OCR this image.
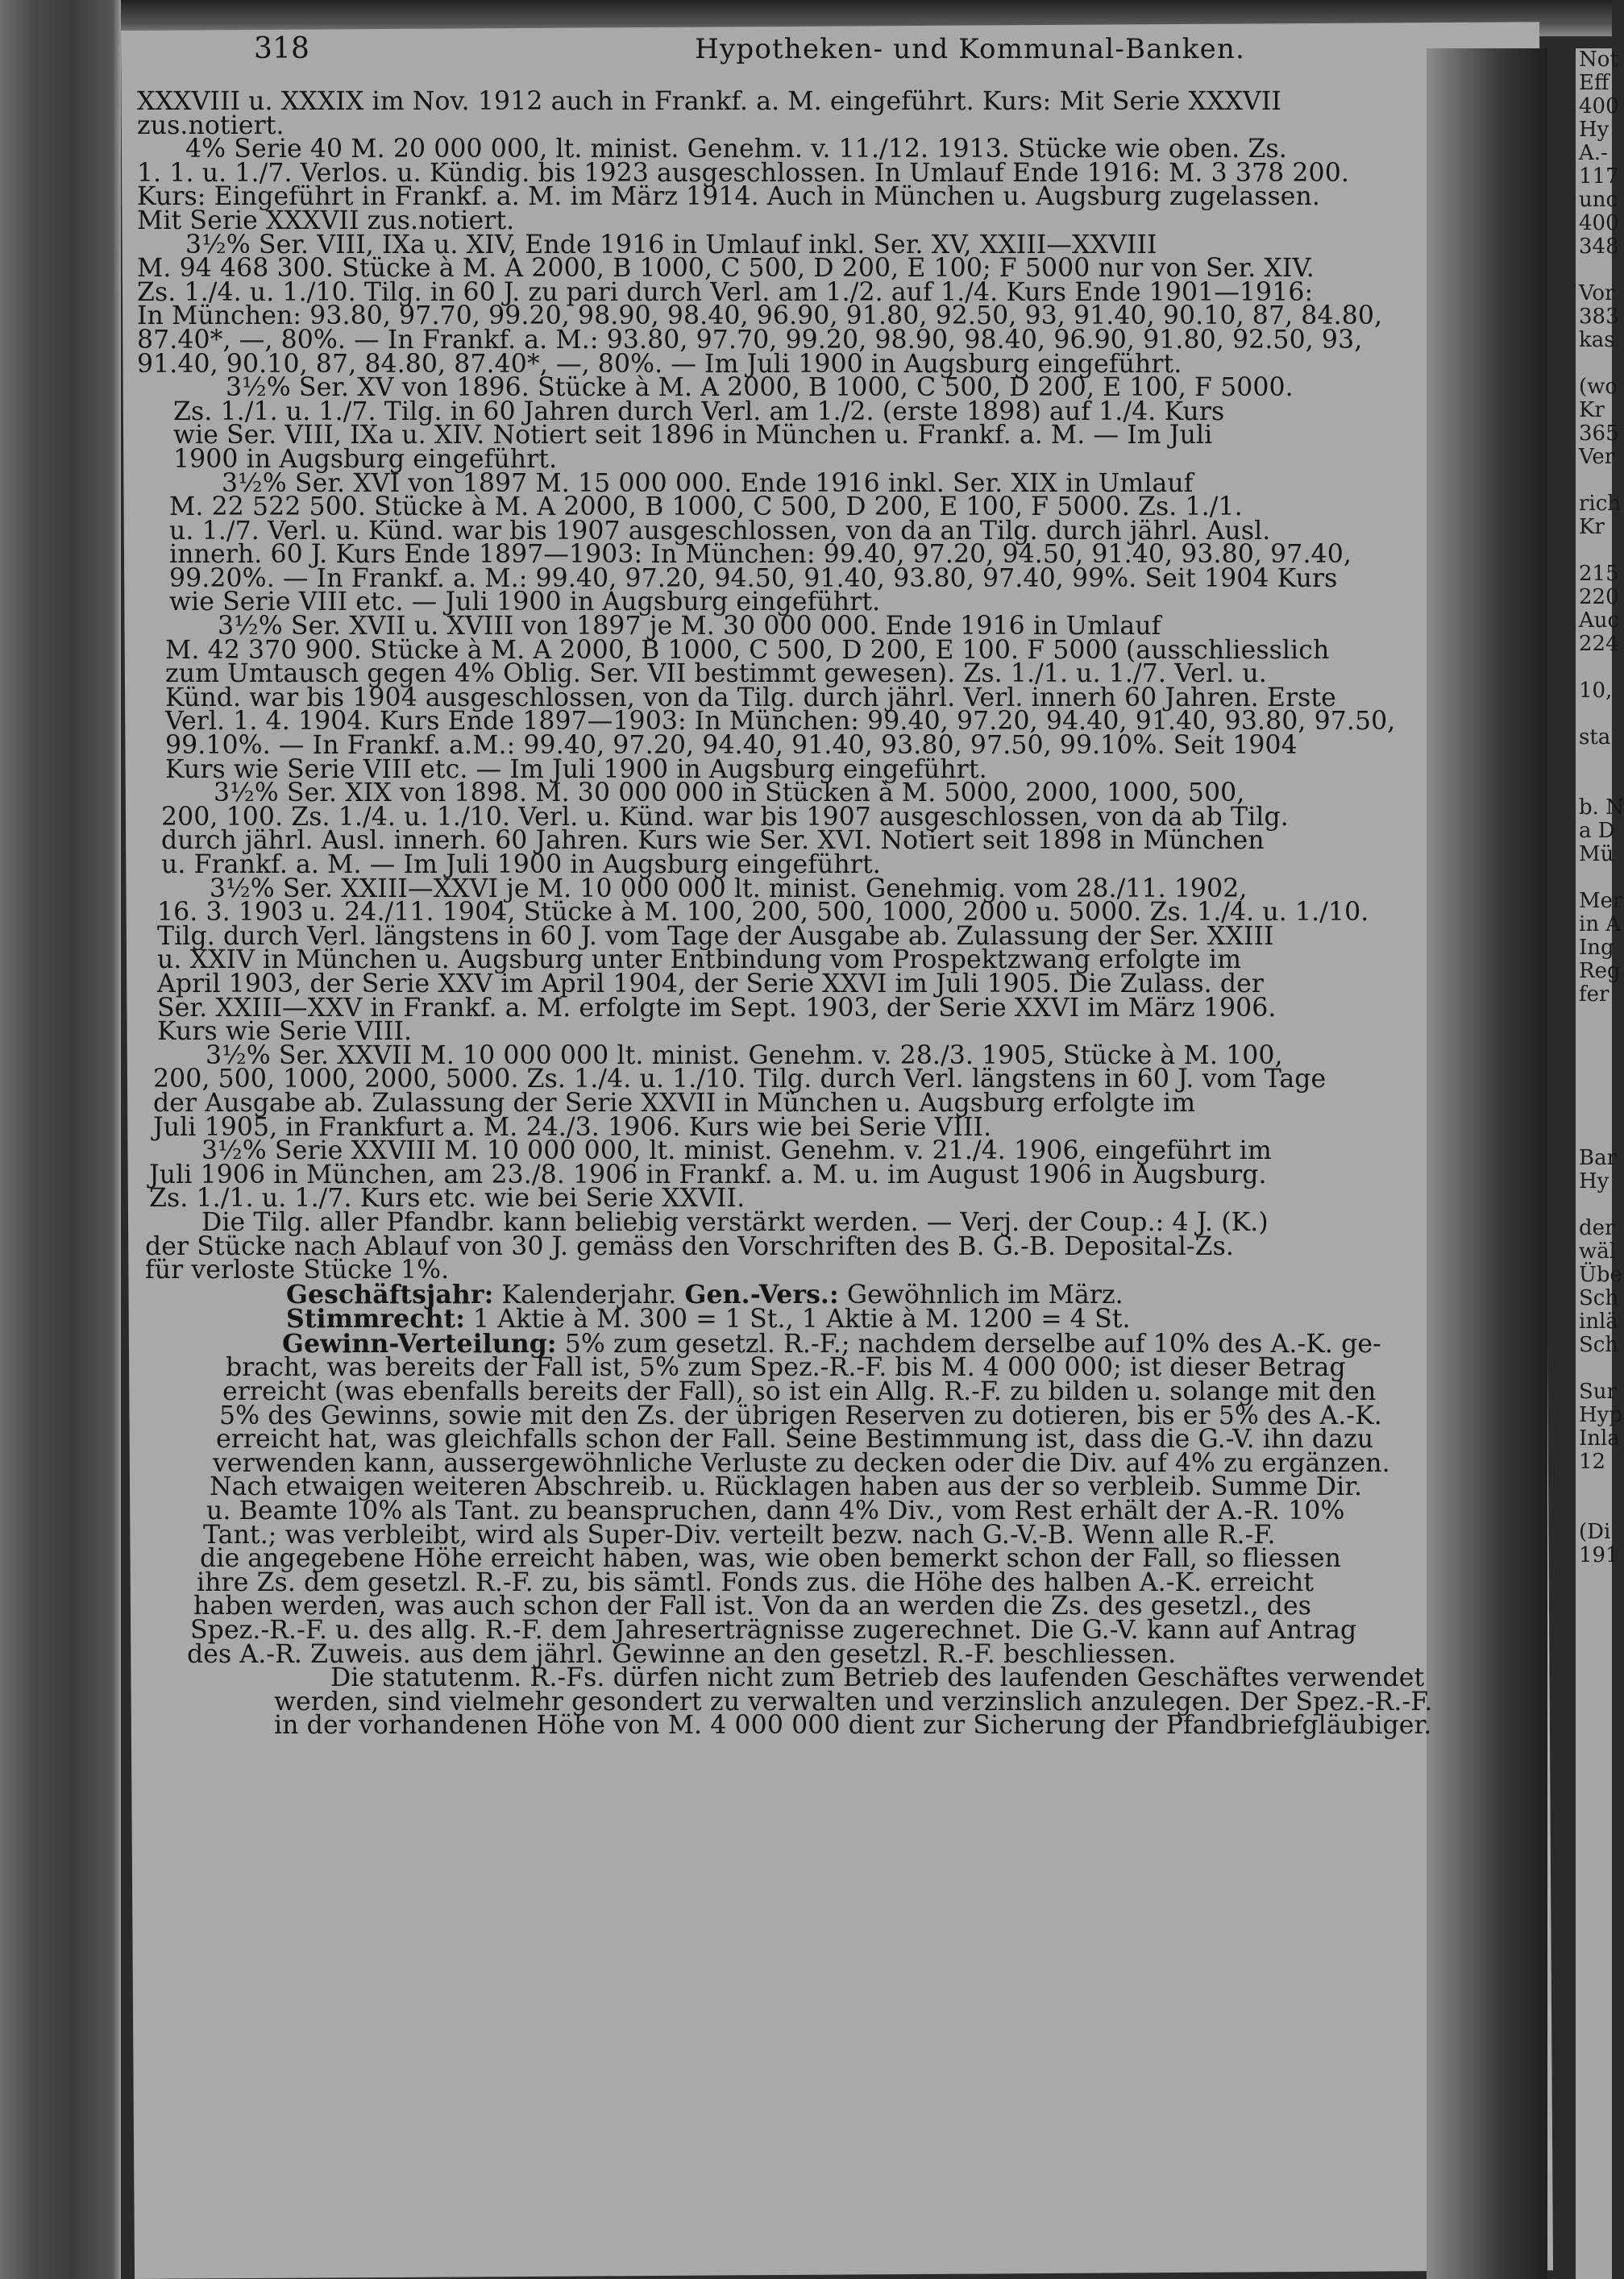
Not
Eff
400
Hy
A.-
117
unc
400
348

Vor
383
kas

(wo
Kr
365
Ver

rich
Kr

215
220
Auc
224

10,

sta

b. N
a D
Mü

Mer
in A
Ing
Reg
fer

Bar
Hy

der
wäl
Übe
Sch
inlä
Sch

Sur
Hyp
Inla
12

(Di
191
318	Hypotheken- und Kommunal-Banken.
XXXVIII u. XXXIX im Nov. 1912 auch in Frankf. a. M. eingeführt. Kurs: Mit Serie XXXVII
zus.notiert.
4% Serie 40 M. 20 000 000, lt. minist. Genehm. v. 11./12. 1913. Stücke wie oben. Zs.
1. 1. u. 1./7. Verlos. u. Kündig. bis 1923 ausgeschlossen. In Umlauf Ende 1916: M. 3 378 200.
Kurs: Eingeführt in Frankf. a. M. im März 1914. Auch in München u. Augsburg zugelassen.
Mit Serie XXXVII zus.notiert.
3½% Ser. VIII, IXa u. XIV, Ende 1916 in Umlauf inkl. Ser. XV, XXIII—XXVIII
M. 94 468 300. Stücke à M. A 2000, B 1000, C 500, D 200, E 100; F 5000 nur von Ser. XIV.
Zs. 1./4. u. 1./10. Tilg. in 60 J. zu pari durch Verl. am 1./2. auf 1./4. Kurs Ende 1901—1916:
In München: 93.80, 97.70, 99.20, 98.90, 98.40, 96.90, 91.80, 92.50, 93, 91.40, 90.10, 87, 84.80,
87.40*, —, 80%. — In Frankf. a. M.: 93.80, 97.70, 99.20, 98.90, 98.40, 96.90, 91.80, 92.50, 93,
91.40, 90.10, 87, 84.80, 87.40*, —, 80%. — Im Juli 1900 in Augsburg eingeführt.
3½% Ser. XV von 1896. Stücke à M. A 2000, B 1000, C 500, D 200, E 100, F 5000.
Zs. 1./1. u. 1./7. Tilg. in 60 Jahren durch Verl. am 1./2. (erste 1898) auf 1./4. Kurs
wie Ser. VIII, IXa u. XIV. Notiert seit 1896 in München u. Frankf. a. M. — Im Juli
1900 in Augsburg eingeführt.
3½% Ser. XVI von 1897 M. 15 000 000. Ende 1916 inkl. Ser. XIX in Umlauf
M. 22 522 500. Stücke à M. A 2000, B 1000, C 500, D 200, E 100, F 5000. Zs. 1./1.
u. 1./7. Verl. u. Künd. war bis 1907 ausgeschlossen, von da an Tilg. durch jährl. Ausl.
innerh. 60 J. Kurs Ende 1897—1903: In München: 99.40, 97.20, 94.50, 91.40, 93.80, 97.40,
99.20%. — In Frankf. a. M.: 99.40, 97.20, 94.50, 91.40, 93.80, 97.40, 99%. Seit 1904 Kurs
wie Serie VIII etc. — Juli 1900 in Augsburg eingeführt.
3½% Ser. XVII u. XVIII von 1897 je M. 30 000 000. Ende 1916 in Umlauf
M. 42 370 900. Stücke à M. A 2000, B 1000, C 500, D 200, E 100. F 5000 (ausschliesslich
zum Umtausch gegen 4% Oblig. Ser. VII bestimmt gewesen). Zs. 1./1. u. 1./7. Verl. u.
Künd. war bis 1904 ausgeschlossen, von da Tilg. durch jährl. Verl. innerh 60 Jahren. Erste
Verl. 1. 4. 1904. Kurs Ende 1897—1903: In München: 99.40, 97.20, 94.40, 91.40, 93.80, 97.50,
99.10%. — In Frankf. a.M.: 99.40, 97.20, 94.40, 91.40, 93.80, 97.50, 99.10%. Seit 1904
Kurs wie Serie VIII etc. — Im Juli 1900 in Augsburg eingeführt.
3½% Ser. XIX von 1898. M. 30 000 000 in Stücken à M. 5000, 2000, 1000, 500,
200, 100. Zs. 1./4. u. 1./10. Verl. u. Künd. war bis 1907 ausgeschlossen, von da ab Tilg.
durch jährl. Ausl. innerh. 60 Jahren. Kurs wie Ser. XVI. Notiert seit 1898 in München
u. Frankf. a. M. — Im Juli 1900 in Augsburg eingeführt.
3½% Ser. XXIII—XXVI je M. 10 000 000 lt. minist. Genehmig. vom 28./11. 1902,
16. 3. 1903 u. 24./11. 1904, Stücke à M. 100, 200, 500, 1000, 2000 u. 5000. Zs. 1./4. u. 1./10.
Tilg. durch Verl. längstens in 60 J. vom Tage der Ausgabe ab. Zulassung der Ser. XXIII
u. XXIV in München u. Augsburg unter Entbindung vom Prospektzwang erfolgte im
April 1903, der Serie XXV im April 1904, der Serie XXVI im Juli 1905. Die Zulass. der
Ser. XXIII—XXV in Frankf. a. M. erfolgte im Sept. 1903, der Serie XXVI im März 1906.
Kurs wie Serie VIII.
3½% Ser. XXVII M. 10 000 000 lt. minist. Genehm. v. 28./3. 1905, Stücke à M. 100,
200, 500, 1000, 2000, 5000. Zs. 1./4. u. 1./10. Tilg. durch Verl. längstens in 60 J. vom Tage
der Ausgabe ab. Zulassung der Serie XXVII in München u. Augsburg erfolgte im
Juli 1905, in Frankfurt a. M. 24./3. 1906. Kurs wie bei Serie VIII.
3½% Serie XXVIII M. 10 000 000, lt. minist. Genehm. v. 21./4. 1906, eingeführt im
Juli 1906 in München, am 23./8. 1906 in Frankf. a. M. u. im August 1906 in Augsburg.
Zs. 1./1. u. 1./7. Kurs etc. wie bei Serie XXVII.
Die Tilg. aller Pfandbr. kann beliebig verstärkt werden. — Verj. der Coup.: 4 J. (K.)
der Stücke nach Ablauf von 30 J. gemäss den Vorschriften des B. G.-B. Deposital-Zs.
für verloste Stücke 1%.
Geschäftsjahr: Kalenderjahr. Gen.-Vers.: Gewöhnlich im März.
Stimmrecht: 1 Aktie à M. 300 = 1 St., 1 Aktie à M. 1200 = 4 St.
Gewinn-Verteilung: 5% zum gesetzl. R.-F.; nachdem derselbe auf 10% des A.-K. ge-
bracht, was bereits der Fall ist, 5% zum Spez.-R.-F. bis M. 4 000 000; ist dieser Betrag
erreicht (was ebenfalls bereits der Fall), so ist ein Allg. R.-F. zu bilden u. solange mit den
5% des Gewinns, sowie mit den Zs. der übrigen Reserven zu dotieren, bis er 5% des A.-K.
erreicht hat, was gleichfalls schon der Fall. Seine Bestimmung ist, dass die G.-V. ihn dazu
verwenden kann, aussergewöhnliche Verluste zu decken oder die Div. auf 4% zu ergänzen.
Nach etwaigen weiteren Abschreib. u. Rücklagen haben aus der so verbleib. Summe Dir.
u. Beamte 10% als Tant. zu beanspruchen, dann 4% Div., vom Rest erhält der A.-R. 10%
Tant.; was verbleibt, wird als Super-Div. verteilt bezw. nach G.-V.-B. Wenn alle R.-F.
die angegebene Höhe erreicht haben, was, wie oben bemerkt schon der Fall, so fliessen
ihre Zs. dem gesetzl. R.-F. zu, bis sämtl. Fonds zus. die Höhe des halben A.-K. erreicht
haben werden, was auch schon der Fall ist. Von da an werden die Zs. des gesetzl., des
Spez.-R.-F. u. des allg. R.-F. dem Jahreserträgnisse zugerechnet. Die G.-V. kann auf Antrag
des A.-R. Zuweis. aus dem jährl. Gewinne an den gesetzl. R.-F. beschliessen.
Die statutenm. R.-Fs. dürfen nicht zum Betrieb des laufenden Geschäftes verwendet
werden, sind vielmehr gesondert zu verwalten und verzinslich anzulegen. Der Spez.-R.-F.
in der vorhandenen Höhe von M. 4 000 000 dient zur Sicherung der Pfandbriefgläubiger.
